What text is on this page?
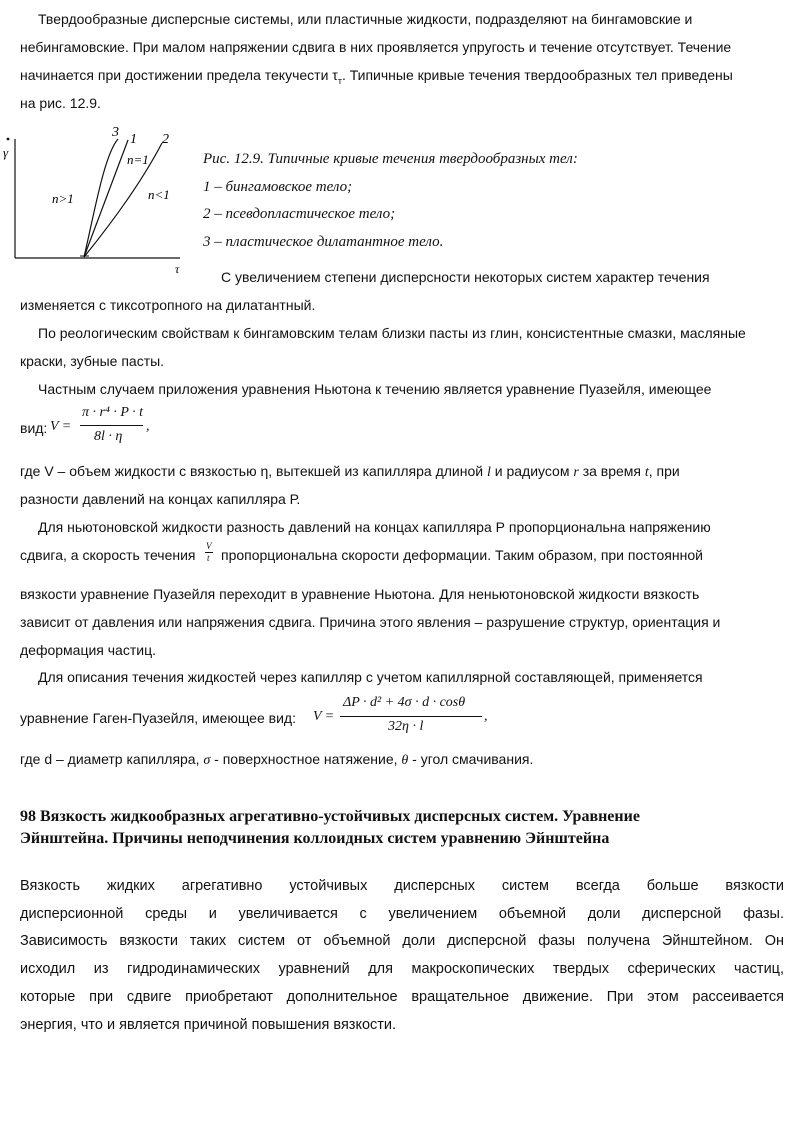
Твердообразные дисперсные системы, или пластичные жидкости, подразделяют на бингамовские и
небингамовские. При малом напряжении сдвига в них проявляется упругость и течение отсутствует. Течение
начинается при достижении предела текучести $\tau_т$. Типичные кривые течения твердообразных тел приведены
на рис. 12.9.
γ
τ
3 1 2
n>1
n=1
n<1
Рис. 12.9. Типичные кривые течения твердообразных тел:
1 – бингамовское тело;
2 – псевдопластическое тело;
3 – пластическое дилатантное тело.
С увеличением степени дисперсности некоторых систем характер течения
изменяется с тиксотропного на дилатантный.
По реологическим свойствам к бингамовским телам близки пасты из глин, консистентные смазки, масляные
краски, зубные пасты.
Частным случаем приложения уравнения Ньютона к течению является уравнение Пуазейля, имеющее
вид: V =
π · r⁴ · P · t
8l · η
,
где V – объем жидкости с вязкостью η, вытекшей из капилляра длиной l и радиусом r за время t, при
разности давлений на концах капилляра Р.
Для ньютоновской жидкости разность давлений на концах капилляра Р пропорциональна напряжению
сдвига, а скорость течения
V
t пропорциональна скорости деформации. Таким образом, при постоянной
вязкости уравнение Пуазейля переходит в уравнение Ньютона. Для неньютоновской жидкости вязкость
зависит от давления или напряжения сдвига. Причина этого явления – разрушение структур, ориентация и
деформация частиц.
Для описания течения жидкостей через капилляр с учетом капиллярной составляющей, применяется
уравнение Гаген-Пуазейля, имеющее вид: V =
ΔP · d² + 4σ · d · cosθ
32η · l
,
где d – диаметр капилляра, σ - поверхностное натяжение, θ - угол смачивания.
98 Вязкость жидкообразных агрегативно-устойчивых дисперсных систем. Уравнение
Эйнштейна. Причины неподчинения коллоидных систем уравнению Эйнштейна
Вязкость жидких агрегативно устойчивых дисперсных систем всегда больше вязкости
дисперсионной среды и увеличивается с увеличением объемной доли дисперсной фазы.
Зависимость вязкости таких систем от объемной доли дисперсной фазы получена Эйнштейном. Он
исходил из гидродинамических уравнений для макроскопических твердых сферических частиц,
которые при сдвиге приобретают дополнительное вращательное движение. При этом рассеивается
энергия, что и является причиной повышения вязкости.
